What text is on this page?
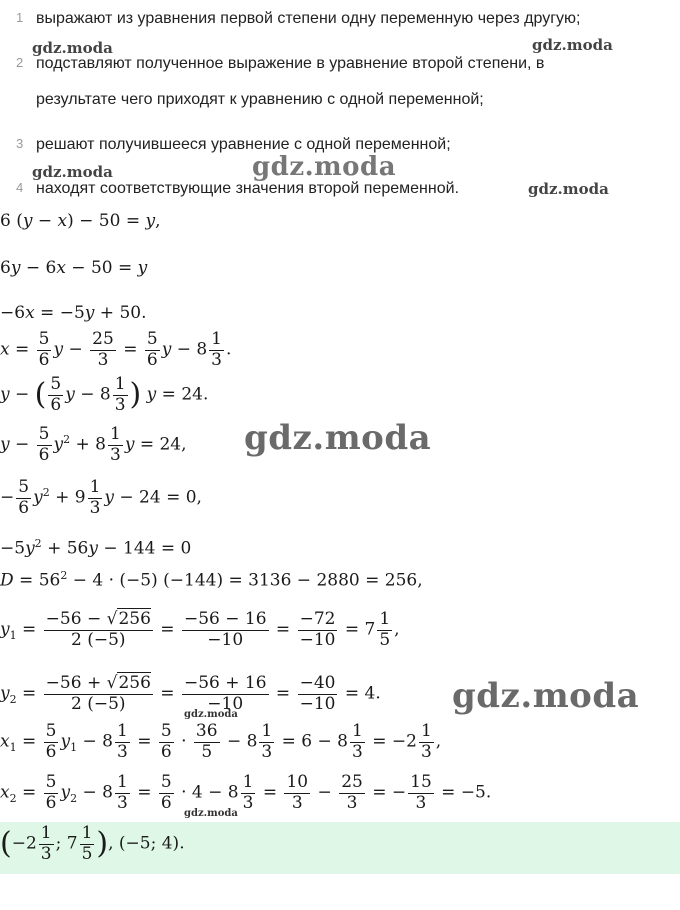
1 выражают из уравнения первой степени одну переменную через другую;
2 подставляют полученное выражение в уравнение второй степени, в
результате чего приходят к уравнению с одной переменной;
3 решают получившееся уравнение с одной переменной;
4 находят соответствующие значения второй переменной.
6 (y − x) − 50 = y,
6y − 6x − 50 = y
−6x = −5y + 50.
$x = \frac{5}{6}$ $y - \frac{25}{3} = \frac{5}{6}$ $y - 8 \frac{1}{3}$ .
y − ( $\frac{5}{6}$ $y - 8 \frac{1}{3}$ ) y = 24.
$y - \frac{5}{6} y^2 + 8 \frac{1}{3}$ y = 24,
− $\frac{5}{6} y^2 + 9 \frac{1}{3}$ y − 24 = 0,
$-5y^2 + 56y - 144 = 0$
$D = 56^2 - 4 \cdot (-5) (-144) = 3136 - 2880 = 256$,
$y_1 = \frac{-56 - √256}{2 (-5)} = \frac{-56 - 16}{-10} = \frac{-72}{-10} = 7 \frac{1}{5}$ ,
$y_2 = \frac{-56 + √256}{2 (-5)} = \frac{-56 + 16}{-10} = \frac{-40}{-10} = 4$.
$x_1 = \frac{5}{6} y_1 - 8 \frac{1}{3} = \frac{5}{6} \cdot \frac{36}{5} - 8 \frac{1}{3} = 6 - 8 \frac{1}{3} = -2 \frac{1}{3}$ ,
$x_2 = \frac{5}{6} y_2 - 8 \frac{1}{3} = \frac{5}{6} \cdot 4 - 8 \frac{1}{3} = \frac{10}{3} - \frac{25}{3}$ = − $\frac{15}{3} = -5$.
($-2 \frac{1}{3}$ ; $7 \frac{1}{5}$ ), (−5; 4).
gdz.moda	gdz.moda
gdz.moda	gdz.moda
gdz.moda
gdz.moda
gdz.moda
gdz.moda
gdz.moda
